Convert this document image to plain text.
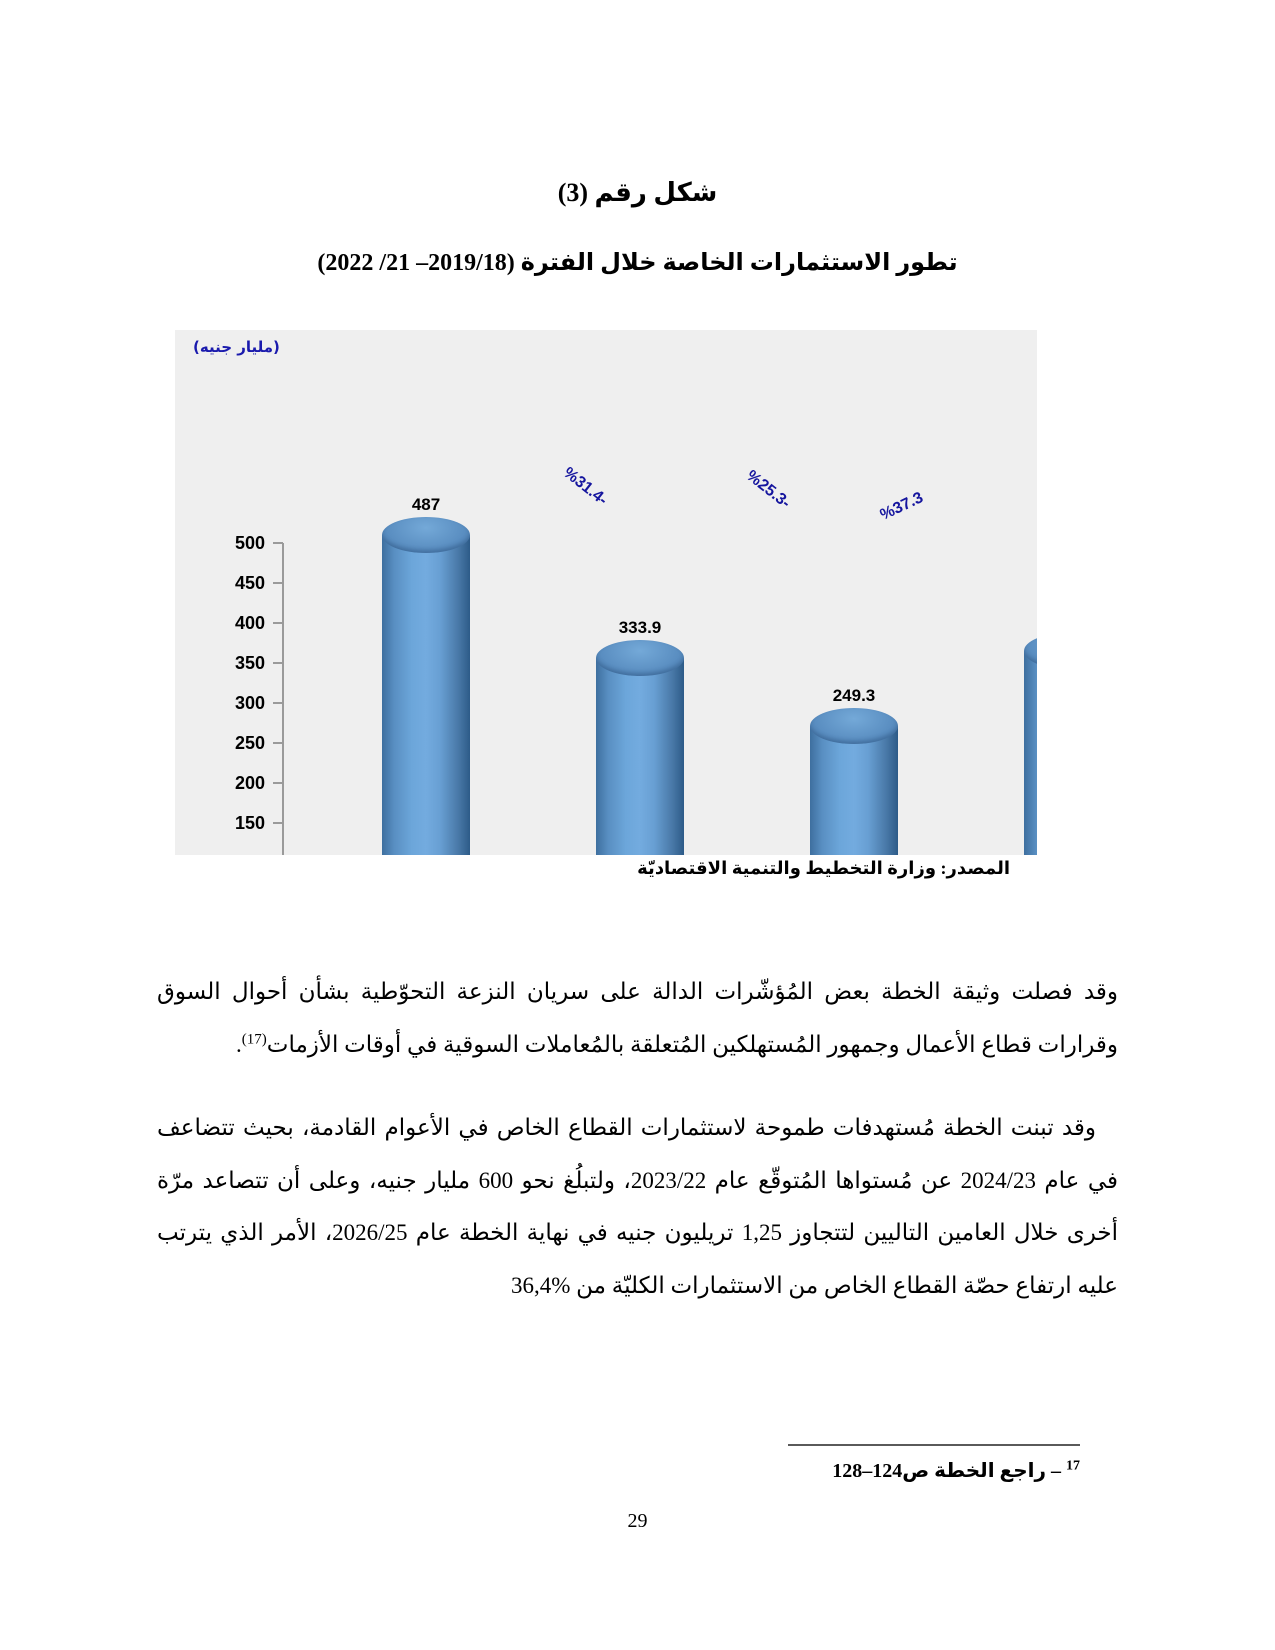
شكل رقم (3)
تطور الاستثمارات الخاصة خلال الفترة (2022 /21 –2019/18)
(مليار جنيه)
500
450
400
350
300
250
200
150
487
333.9
249.3
%31.4-	%25.3-	%37.3
المصدر: وزارة التخطيط والتنمية الاقتصاديّة

وقد فصلت وثيقة الخطة بعض المُؤشّرات الدالة على سريان النزعة التحوّطية بشأن أحوال السوق وقرارات قطاع الأعمال وجمهور المُستهلكين المُتعلقة بالمُعاملات السوقية في أوقات الأزمات$^{(17)}$.

وقد تبنت الخطة مُستهدفات طموحة لاستثمارات القطاع الخاص في الأعوام القادمة، بحيث تتضاعف في عام 2024/23 عن مُستواها المُتوقّع عام 2023/22، ولتبلُغ نحو 600 مليار جنيه، وعلى أن تتصاعد مرّة أخرى خلال العامين التاليين لتتجاوز 1,25 تريليون جنيه في نهاية الخطة عام 2026/25، الأمر الذي يترتب عليه ارتفاع حصّة القطاع الخاص من الاستثمارات الكليّة من %36,4

$^{17}$ – راجع الخطة ص128–124
29
